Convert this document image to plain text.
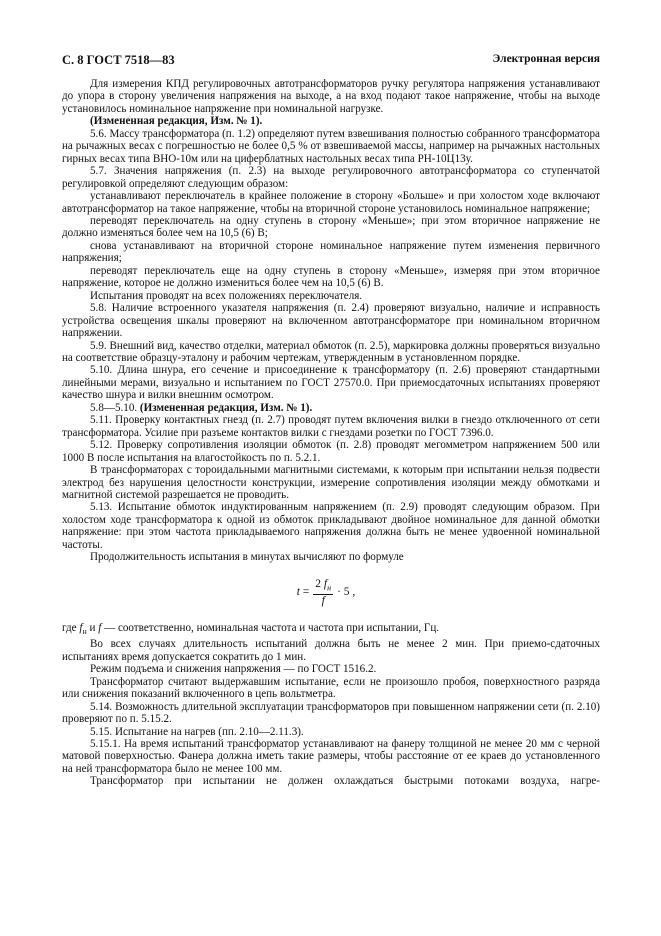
С. 8 ГОСТ 7518—83	Электронная версия

Для измерения КПД регулировочных автотрансформаторов ручку регулятора напряжения устанавливают до упора в сторону увеличения напряжения на выходе, а на вход подают такое напряжение, чтобы на выходе установилось номинальное напряжение при номинальной нагрузке.

(Измененная редакция, Изм. № 1).

5.6. Массу трансформатора (п. 1.2) определяют путем взвешивания полностью собранного трансформатора на рычажных весах с погрешностью не более 0,5 % от взвешиваемой массы, например на рычажных настольных гирных весах типа ВНО-10м или на циферблатных настольных весах типа РН-10Ц13у.

5.7. Значения напряжения (п. 2.3) на выходе регулировочного автотрансформатора со ступенчатой регулировкой определяют следующим образом:

устанавливают переключатель в крайнее положение в сторону «Больше» и при холостом ходе включают автотрансформатор на такое напряжение, чтобы на вторичной стороне установилось номинальное напряжение;

переводят переключатель на одну ступень в сторону «Меньше»; при этом вторичное напряжение не должно изменяться более чем на 10,5 (6) В;

снова устанавливают на вторичной стороне номинальное напряжение путем изменения первичного напряжения;

переводят переключатель еще на одну ступень в сторону «Меньше», измеряя при этом вторичное напряжение, которое не должно измениться более чем на 10,5 (6) В.

Испытания проводят на всех положениях переключателя.

5.8. Наличие встроенного указателя напряжения (п. 2.4) проверяют визуально, наличие и исправность устройства освещения шкалы проверяют на включенном автотрансформаторе при номинальном вторичном напряжении.

5.9. Внешний вид, качество отделки, материал обмоток (п. 2.5), маркировка должны проверяться визуально на соответствие образцу-эталону и рабочим чертежам, утвержденным в установленном порядке.

5.10. Длина шнура, его сечение и присоединение к трансформатору (п. 2.6) проверяют стандартными линейными мерами, визуально и испытанием по ГОСТ 27570.0. При приемосдаточных испытаниях проверяют качество шнура и вилки внешним осмотром.

5.8—5.10. (Измененная редакция, Изм. № 1).

5.11. Проверку контактных гнезд (п. 2.7) проводят путем включения вилки в гнездо отключенного от сети трансформатора. Усилие при разъеме контактов вилки с гнездами розетки по ГОСТ 7396.0.

5.12. Проверку сопротивления изоляции обмоток (п. 2.8) проводят мегомметром напряжением 500 или 1000 В после испытания на влагостойкость по п. 5.2.1.

В трансформаторах с тороидальными магнитными системами, к которым при испытании нельзя подвести электрод без нарушения целостности конструкции, измерение сопротивления изоляции между обмотками и магнитной системой разрешается не проводить.

5.13. Испытание обмоток индуктированным напряжением (п. 2.9) проводят следующим образом. При холостом ходе трансформатора к одной из обмоток прикладывают двойное номинальное для данной обмотки напряжение: при этом частота прикладываемого напряжения должна быть не менее удвоенной номинальной частоты.

Продолжительность испытания в минутах вычисляют по формуле

t
= $\frac{2 f_н}{f} \cdot 5$ ,

где $f_н$ и f — соответственно, номинальная частота и частота при испытании, Гц.

Во всех случаях длительность испытаний должна быть не менее 2 мин. При приемо-сдаточных испытаниях время допускается сократить до 1 мин.

Режим подъема и снижения напряжения — по ГОСТ 1516.2.

Трансформатор считают выдержавшим испытание, если не произошло пробоя, поверхностного разряда или снижения показаний включенного в цепь вольтметра.

5.14. Возможность длительной эксплуатации трансформаторов при повышенном напряжении сети (п. 2.10) проверяют по п. 5.15.2.

5.15. Испытание на нагрев (пп. 2.10—2.11.3).

5.15.1. На время испытаний трансформатор устанавливают на фанеру толщиной не менее 20 мм с черной матовой поверхностью. Фанера должна иметь такие размеры, чтобы расстояние от ее краев до установленного на ней трансформатора было не менее 100 мм.

Трансформатор при испытании не должен охлаждаться быстрыми потоками воздуха, нагре-
